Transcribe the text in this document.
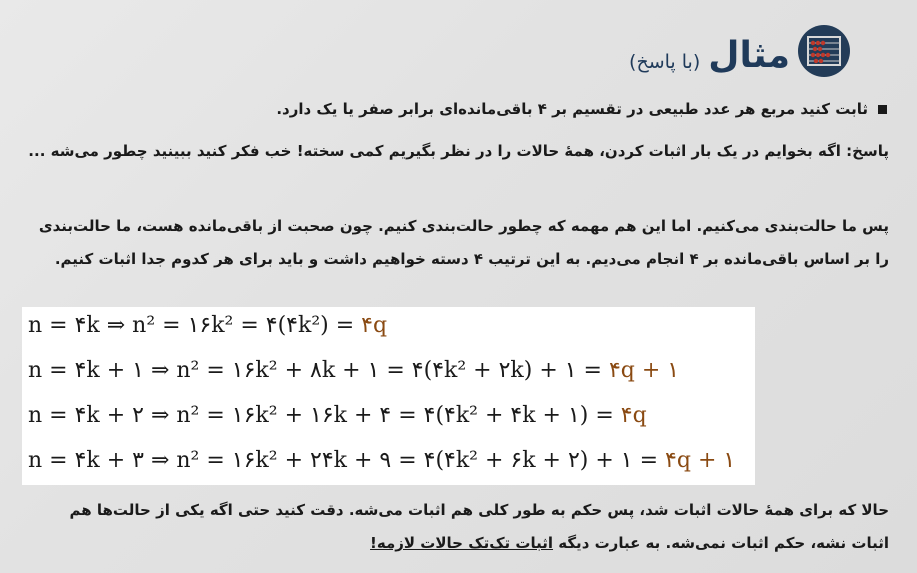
مثال
(با پاسخ)
ثابت کنید مربع هر عدد طبیعی در تقسیم بر ۴ باقی‌مانده‌ای برابر صفر یا یک دارد.
پاسخ: اگه بخوایم در یک بار اثبات کردن، همهٔ حالات را در نظر بگیریم کمی سخته! خب فکر کنید ببینید چطور می‌شه ...
پس ما حالت‌بندی می‌کنیم. اما این هم مهمه که چطور حالت‌بندی کنیم. چون صحبت از باقی‌مانده هست، ما حالت‌بندی را بر اساس باقی‌مانده بر ۴ انجام می‌دیم. به این ترتیب ۴ دسته خواهیم داشت و باید برای هر کدوم جدا اثبات کنیم.
n = ۴k ⇒ n² = ۱۶k² = ۴(۴k²) = ۴q
n = ۴k + ۱ ⇒ n² = ۱۶k² + ۸k + ۱ = ۴(۴k² + ۲k) + ۱ = ۴q + ۱
n = ۴k + ۲ ⇒ n² = ۱۶k² + ۱۶k + ۴ = ۴(۴k² + ۴k + ۱) = ۴q
n = ۴k + ۳ ⇒ n² = ۱۶k² + ۲۴k + ۹ = ۴(۴k² + ۶k + ۲) + ۱ = ۴q + ۱
حالا که برای همهٔ حالات اثبات شد، پس حکم به طور کلی هم اثبات می‌شه. دقت کنید حتی اگه یکی از حالت‌ها هم اثبات نشه، حکم اثبات نمی‌شه. به عبارت دیگه اثبات تک‌تک حالات لازمه!
